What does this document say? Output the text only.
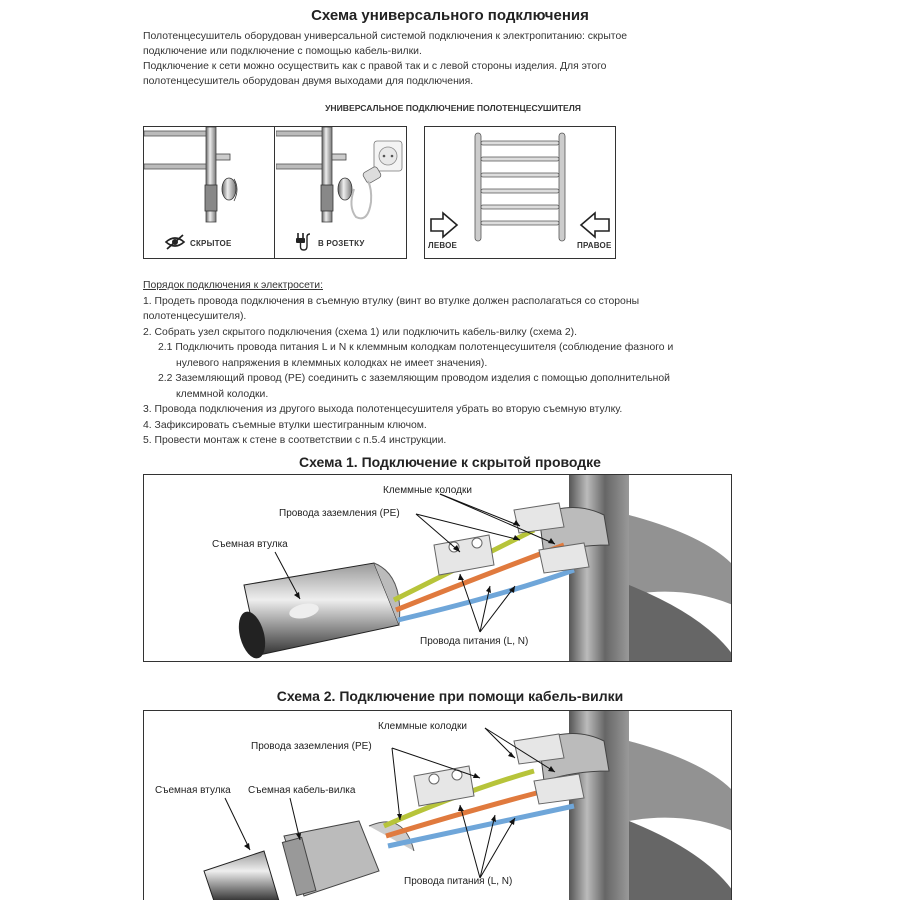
Схема универсального подключения
Полотенцесушитель оборудован универсальной системой подключения к электропитанию: скрытое
подключение или подключение с помощью кабель-вилки.
Подключение к сети можно осуществить как с правой так и с левой стороны изделия. Для этого
полотенцесушитель оборудован двумя выходами для подключения.
УНИВЕРСАЛЬНОЕ ПОДКЛЮЧЕНИЕ ПОЛОТЕНЦЕСУШИТЕЛЯ
СКРЫТОЕ	В РОЗЕТКУ	ЛЕВОЕ	ПРАВОЕ
Порядок подключения к электросети:
1. Продеть провода подключения в съемную втулку (винт во втулке должен располагаться со стороны
полотенцесушителя).
2. Собрать узел скрытого подключения (схема 1) или подключить кабель-вилку (схема 2).
2.1 Подключить провода питания L и N к клеммным колодкам полотенцесушителя (соблюдение фазного и
нулевого напряжения в клеммных колодках не имеет значения).
2.2 Заземляющий провод (PE) соединить с заземляющим проводом изделия с помощью дополнительной
клеммной колодки.
3. Провода подключения из другого выхода полотенцесушителя убрать во вторую съемную втулку.
4. Зафиксировать съемные втулки шестигранным ключом.
5. Провести монтаж к стене в соответствии с п.5.4 инструкции.
Схема 1. Подключение к скрытой проводке
Клеммные колодки
Провода заземления (PE)
Съемная втулка
Провода питания (L, N)
Схема 2. Подключение при помощи кабель-вилки
Клеммные колодки
Провода заземления (PE)
Съемная втулка Съемная кабель-вилка
Провода питания (L, N)
